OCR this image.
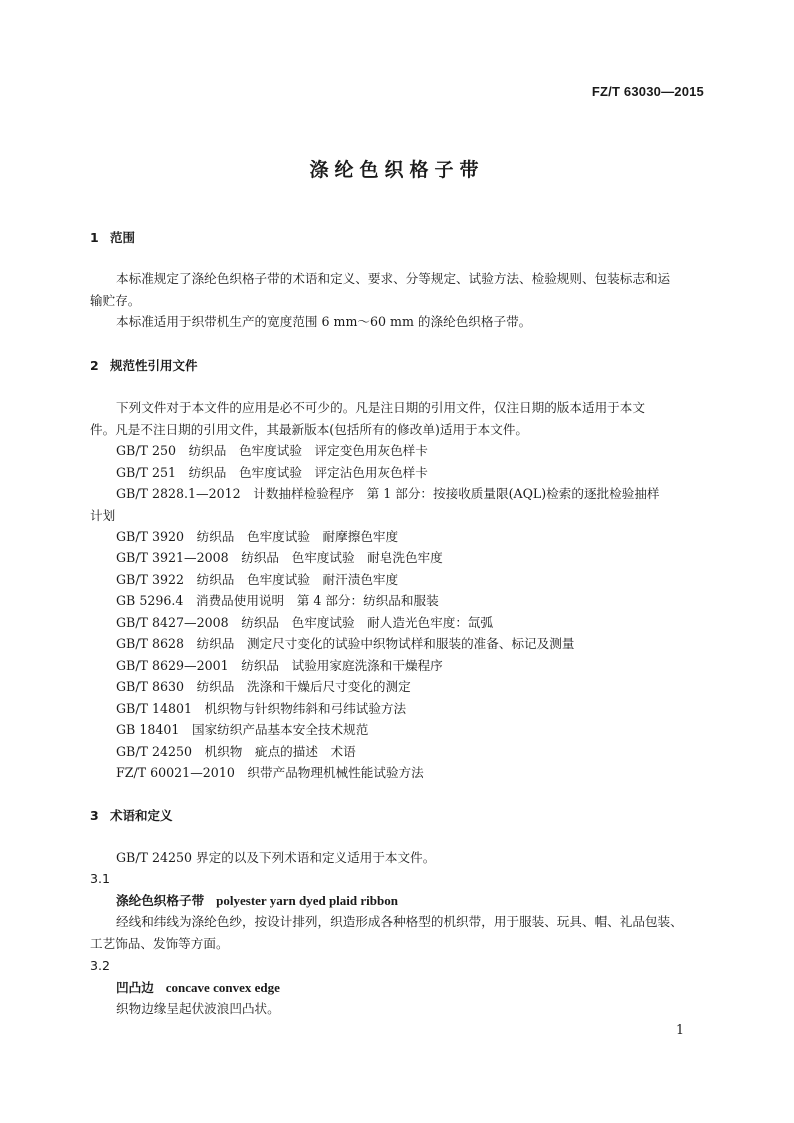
FZ/T 63030—2015
涤纶色织格子带
1 范围
本标准规定了涤纶色织格子带的术语和定义、要求、分等规定、试验方法、检验规则、包装标志和运
输贮存。
本标准适用于织带机生产的宽度范围 6 mm～60 mm 的涤纶色织格子带。
2 规范性引用文件
下列文件对于本文件的应用是必不可少的。凡是注日期的引用文件，仅注日期的版本适用于本文
件。凡是不注日期的引用文件，其最新版本(包括所有的修改单)适用于本文件。
GB/T 250　纺织品　色牢度试验　评定变色用灰色样卡
GB/T 251　纺织品　色牢度试验　评定沾色用灰色样卡
GB/T 2828.1—2012　计数抽样检验程序　第 1 部分：按接收质量限(AQL)检索的逐批检验抽样
计划
GB/T 3920　纺织品　色牢度试验　耐摩擦色牢度
GB/T 3921—2008　纺织品　色牢度试验　耐皂洗色牢度
GB/T 3922　纺织品　色牢度试验　耐汗渍色牢度
GB 5296.4　消费品使用说明　第 4 部分：纺织品和服装
GB/T 8427—2008　纺织品　色牢度试验　耐人造光色牢度：氙弧
GB/T 8628　纺织品　测定尺寸变化的试验中织物试样和服装的准备、标记及测量
GB/T 8629—2001　纺织品　试验用家庭洗涤和干燥程序
GB/T 8630　纺织品　洗涤和干燥后尺寸变化的测定
GB/T 14801　机织物与针织物纬斜和弓纬试验方法
GB 18401　国家纺织产品基本安全技术规范
GB/T 24250　机织物　疵点的描述　术语
FZ/T 60021—2010　织带产品物理机械性能试验方法
3 术语和定义
GB/T 24250 界定的以及下列术语和定义适用于本文件。
3.1
涤纶色织格子带 polyester yarn dyed plaid ribbon
经线和纬线为涤纶色纱，按设计排列，织造形成各种格型的机织带，用于服装、玩具、帽、礼品包装、
工艺饰品、发饰等方面。
3.2
凹凸边 concave convex edge
织物边缘呈起伏波浪凹凸状。
1
